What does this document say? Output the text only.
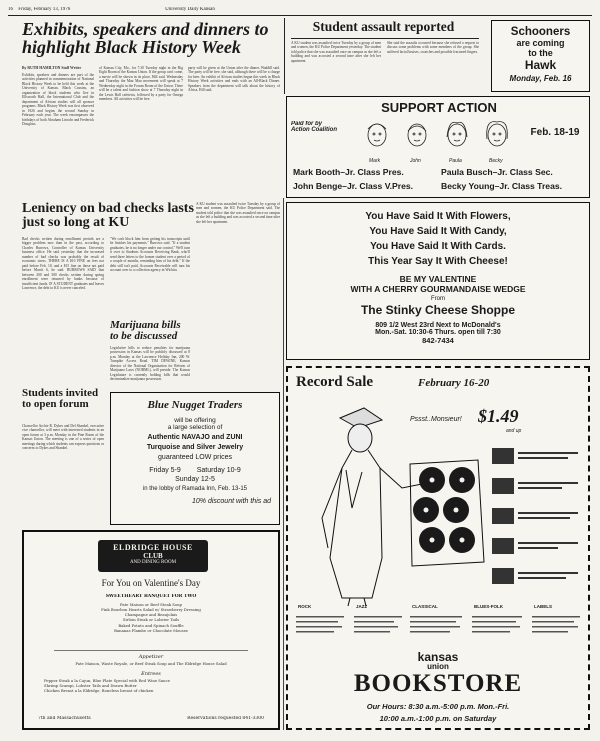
16 Friday, February 13, 1976	University Daily Kansan
Exhibits, speakers and dinners to highlight Black History Week
By RUTH HAMILTON Staff Writer
Exhibits, speakers and dinners are part of the activities planned in commemoration of National Black History Week to be held this week at the University of Kansas. Black Cousins, an organization of black students who live in Ellsworth Hall, the International Club and the department of African studies will all sponsor programs. Black History Week was first observed in 1926 and begins the second Sunday in February each year. The week encompasses the birthdays of both Abraham Lincoln and Frederick Douglass.
of Kansas City, Mo., for 7:30 Tuesday night in the Big Eight Room of the Kansas Union. If the group can't come, a movie will be shown in its place, Hill said. Wednesday and Thursday the Mau Mau movement will speak at 7 Wednesday night in the Forum Room of the Union. There will be a talent and fashion show at 7 Thursday night in the Lewis Hall cafeteria, followed by a party for Omega members. All activities will be free.
party will be given at the Union after the dinner, Waddill said. The party will be free, she said, although there will be a charge for beer. An exhibit of African studies began this week in Black History Week activities and ends with an All-Black Dinner. Speakers from the department will talk about the history of Africa, Hill said.
Student assault reported
A KU student was assaulted twice Tuesday by a group of men and women, the KU Police Department yesterday. The student told police that she was assaulted once on campus as she left a building and was accosted a second time after she left her apartment.
She said the assaults occurred because she refused a request to discuss some problems with some members of the group. She suffered facial bruises, scratches and possible fractured fingers.
Schooners
are coming
to the
Hawk
Monday, Feb. 16
SUPPORT ACTION
Paid for by Action Coalition	Feb. 18-19
Mark	John	Paula	Becky
Mark Booth–Jr. Class Pres.	Paula Busch–Jr. Class Sec.
John Benge–Jr. Class V.Pres.	Becky Young–Jr. Class Treas.
Leniency on bad checks lasts just so long at KU
Bad checks written during enrollment periods are a bigger problem now than in the past, according to Charles Burrows, Controller of Kansas University business office. He said yesterday that the increased number of bad checks was probably the result of economic stress. THERE IS A $10 FINE on fees not paid before Feb. 10, and a $15 fine on those not paid before March 6, he said. BURROWS SAID that between 200 and 300 checks written during spring enrollment were returned by banks because of insufficient funds. IF A STUDENT graduates and leaves Lawrence, the debt to KU is never canceled.
"We can't block him from getting his transcripts until he finishes his payments," Burrows said. "If a student graduates, he is no longer under our control." We'll turn it over to Students Accounts Receiving Bank, who'll send three letters to the former student over a period of a couple of months, reminding him of his debt." If the debt still isn't paid, Accounts Receivable will turn his account over to a collection agency in Wichita.
Marijuana bills to be discussed
Legislative bills to reduce penalties for marijuana possession in Kansas will be publicly discussed at 8 p.m. Monday at the Lawrence Holiday Inn, 200 W. Turnpike Access Road. TIM DEWINE, Kansas director of the National Organization for Reform of Marijuana Laws (NORML), will preside. The Kansas Legislature is currently holding bills that would decriminalize marijuana possession.
A KU student was assaulted twice Tuesday by a group of men and women, the KU Police Department said. The student told police that she was assaulted once on campus as she left a building and was accosted a second time after she left her apartment.	You Have Said It With Flowers,
You Have Said It With Candy,
You Have Said It With Cards.
This Year Say It With Cheese!
BE MY VALENTINE
WITH A CHERRY GOURMANDAISE WEDGE
From
The Stinky Cheese Shoppe
809 1/2 West 23rd Next to McDonald's
Mon.-Sat. 10:30-6 Thurs. open till 7:30
842-7434
Students invited to open forum
Chancellor Archie R. Dykes and Del Shankel, executive vice chancellor, will meet with interested students in an open forum at 3 p.m. Monday in the Pine Room of the Kansas Union. The meeting is one of a series of open meetings during which students can express questions or concerns to Dykes and Shankel.
Blue Nugget Traders
will be offering
a large selection of
Authentic NAVAJO and ZUNI
Turquoise and Silver Jewelry
guaranteed LOW prices
Friday 5-9 Saturday 10-9
Sunday 12-5
in the lobby of Ramada Inn, Feb. 13-15
10% discount with this ad
ELDRIDGE HOUSE
CLUB
AND DINING ROOM
For You on Valentine's Day
SWEETHEART BANQUET FOR TWO
Pate Maison or Beef Steak Soup
Pink Bourbon Hearts Salad w/ Strawberry Dressing
Champagne and Beaujolais
Sirloin Steak or Lobster Tails
Baked Potato and Spinach Souffle
Bananas Flambe or Chocolate Mousse
Appetizer
Pate Maison, Waste Royale, or Beef Steak Soup and The Eldridge House Salad
Entrees
Pepper Steak a la Cajun, Blue Plate Special with Red Wine Sauce
Shrimp Scampi, Lobster Tails and Drawn Butter
Chicken Breast a la Eldridge, Boneless breast of chicken
7th and Massachusetts	Reservations requested 841-3300
Record Sale	February 16-20
Pssst..Monsieur! $1.49
and up
ROCK	JAZZ	CLASSICAL	BLUES-FOLK	LABELS
kansas
union
BOOKSTORE
Our Hours: 8:30 a.m.-5:00 p.m. Mon.-Fri.
10:00 a.m.-1:00 p.m. on Saturday
